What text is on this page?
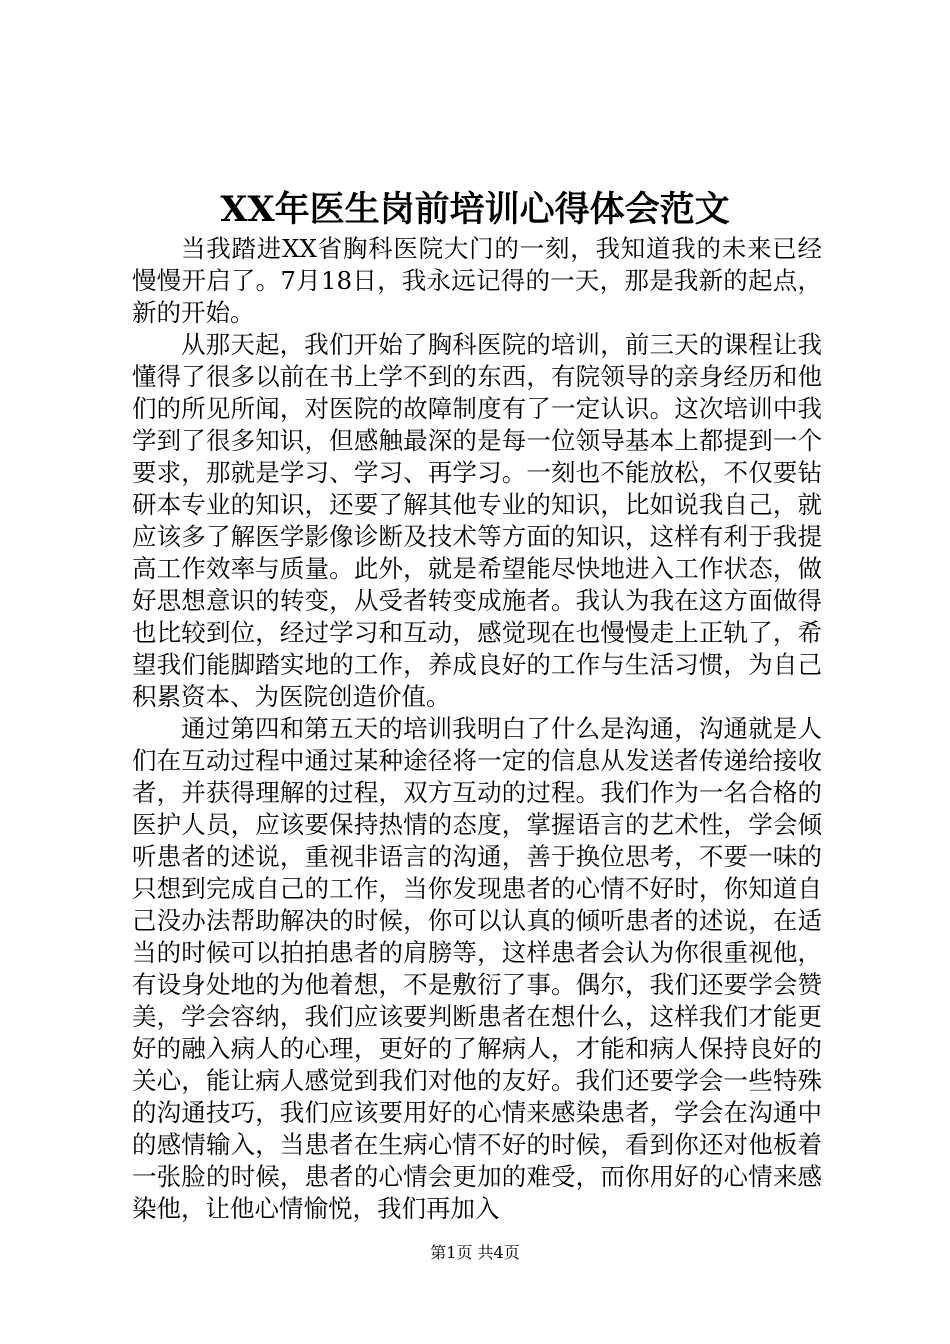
XX年医生岗前培训心得体会范文

当我踏进XX省胸科医院大门的一刻，我知道我的未来已经慢慢开启了。7月18日，我永远记得的一天，那是我新的起点，新的开始。

从那天起，我们开始了胸科医院的培训，前三天的课程让我懂得了很多以前在书上学不到的东西，有院领导的亲身经历和他们的所见所闻，对医院的故障制度有了一定认识。这次培训中我学到了很多知识，但感触最深的是每一位领导基本上都提到一个要求，那就是学习、学习、再学习。一刻也不能放松，不仅要钻研本专业的知识，还要了解其他专业的知识，比如说我自己，就应该多了解医学影像诊断及技术等方面的知识，这样有利于我提高工作效率与质量。此外，就是希望能尽快地进入工作状态，做好思想意识的转变，从受者转变成施者。我认为我在这方面做得也比较到位，经过学习和互动，感觉现在也慢慢走上正轨了，希望我们能脚踏实地的工作，养成良好的工作与生活习惯，为自己积累资本、为医院创造价值。

通过第四和第五天的培训我明白了什么是沟通，沟通就是人们在互动过程中通过某种途径将一定的信息从发送者传递给接收者，并获得理解的过程，双方互动的过程。我们作为一名合格的医护人员，应该要保持热情的态度，掌握语言的艺术性，学会倾听患者的述说，重视非语言的沟通，善于换位思考，不要一味的只想到完成自己的工作，当你发现患者的心情不好时，你知道自己没办法帮助解决的时候，你可以认真的倾听患者的述说，在适当的时候可以拍拍患者的肩膀等，这样患者会认为你很重视他，有设身处地的为他着想，不是敷衍了事。偶尔，我们还要学会赞美，学会容纳，我们应该要判断患者在想什么，这样我们才能更好的融入病人的心理，更好的了解病人，才能和病人保持良好的关心，能让病人感觉到我们对他的友好。我们还要学会一些特殊的沟通技巧，我们应该要用好的心情来感染患者，学会在沟通中的感情输入，当患者在生病心情不好的时候，看到你还对他板着一张脸的时候，患者的心情会更加的难受，而你用好的心情来感染他，让他心情愉悦，我们再加入

第1页 共4页
